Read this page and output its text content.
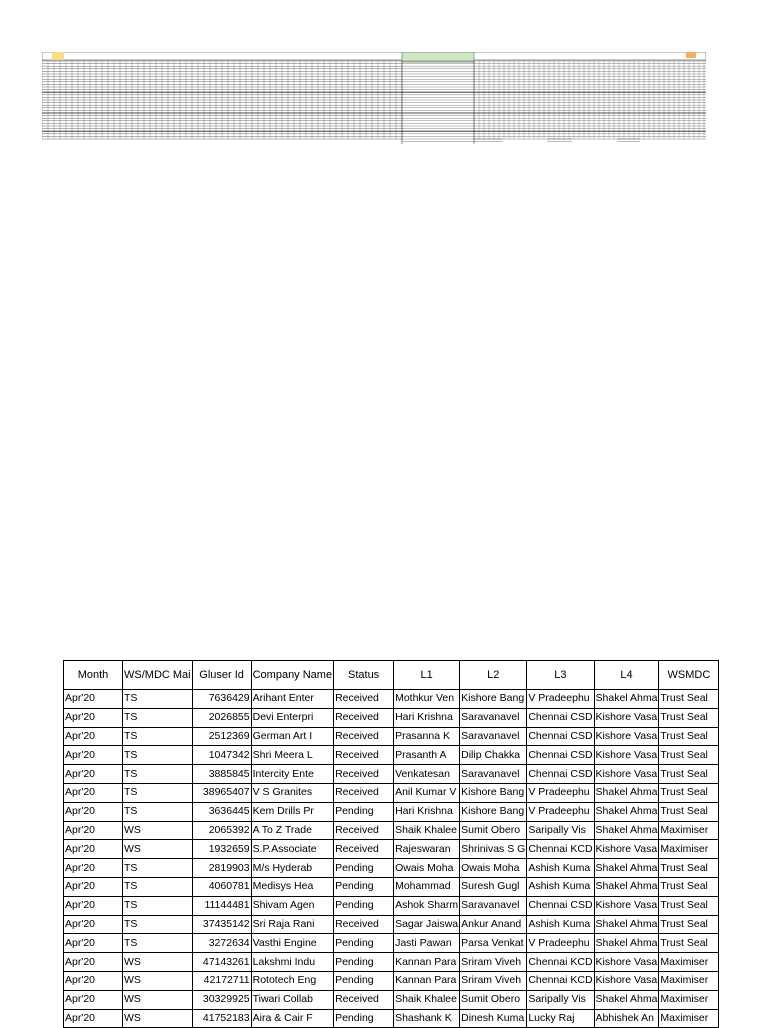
Month	WS/MDC Mai	Gluser Id	Company Name	Status	L1	L2	L3	L4	WSMDC
Apr'20	TS	7636429	Arihant Enter	Received	Mothkur Ven	Kishore Bang	V Pradeephu	Shakel Ahma	Trust Seal
Apr'20	TS	2026855	Devi Enterpri	Received	Hari Krishna	Saravanavel	Chennai CSD	Kishore Vasa	Trust Seal
Apr'20	TS	2512369	German Art I	Received	Prasanna K	Saravanavel	Chennai CSD	Kishore Vasa	Trust Seal
Apr'20	TS	1047342	Shri Meera L	Received	Prasanth A	Dilip Chakka	Chennai CSD	Kishore Vasa	Trust Seal
Apr'20	TS	3885845	Intercity Ente	Received	Venkatesan	Saravanavel	Chennai CSD	Kishore Vasa	Trust Seal
Apr'20	TS	38965407	V S Granites	Received	Anil Kumar V	Kishore Bang	V Pradeephu	Shakel Ahma	Trust Seal
Apr'20	TS	3636445	Kem Drills Pr	Pending	Hari Krishna	Kishore Bang	V Pradeephu	Shakel Ahma	Trust Seal
Apr'20	WS	2065392	A To Z Trade	Received	Shaik Khalee	Sumit Obero	Saripally Vis	Shakel Ahma	Maximiser
Apr'20	WS	1932659	S.P.Associate	Received	Rajeswaran	Shrinivas S G	Chennai KCD	Kishore Vasa	Maximiser
Apr'20	TS	2819903	M/s Hyderab	Pending	Owais Moha	Owais Moha	Ashish Kuma	Shakel Ahma	Trust Seal
Apr'20	TS	4060781	Medisys Hea	Pending	Mohammad	Suresh Gugl	Ashish Kuma	Shakel Ahma	Trust Seal
Apr'20	TS	11144481	Shivam Agen	Pending	Ashok Sharm	Saravanavel	Chennai CSD	Kishore Vasa	Trust Seal
Apr'20	TS	37435142	Sri Raja Rani	Received	Sagar Jaiswa	Ankur Anand	Ashish Kuma	Shakel Ahma	Trust Seal
Apr'20	TS	3272634	Vasthi Engine	Pending	Jasti Pawan	Parsa Venkat	V Pradeephu	Shakel Ahma	Trust Seal
Apr'20	WS	47143261	Lakshmi Indu	Pending	Kannan Para	Sriram Viveh	Chennai KCD	Kishore Vasa	Maximiser
Apr'20	WS	42172711	Rototech Eng	Pending	Kannan Para	Sriram Viveh	Chennai KCD	Kishore Vasa	Maximiser
Apr'20	WS	30329925	Tiwari Collab	Received	Shaik Khalee	Sumit Obero	Saripally Vis	Shakel Ahma	Maximiser
Apr'20	WS	41752183	Aira & Cair F	Pending	Shashank K	Dinesh Kuma	Lucky Raj	Abhishek An	Maximiser
